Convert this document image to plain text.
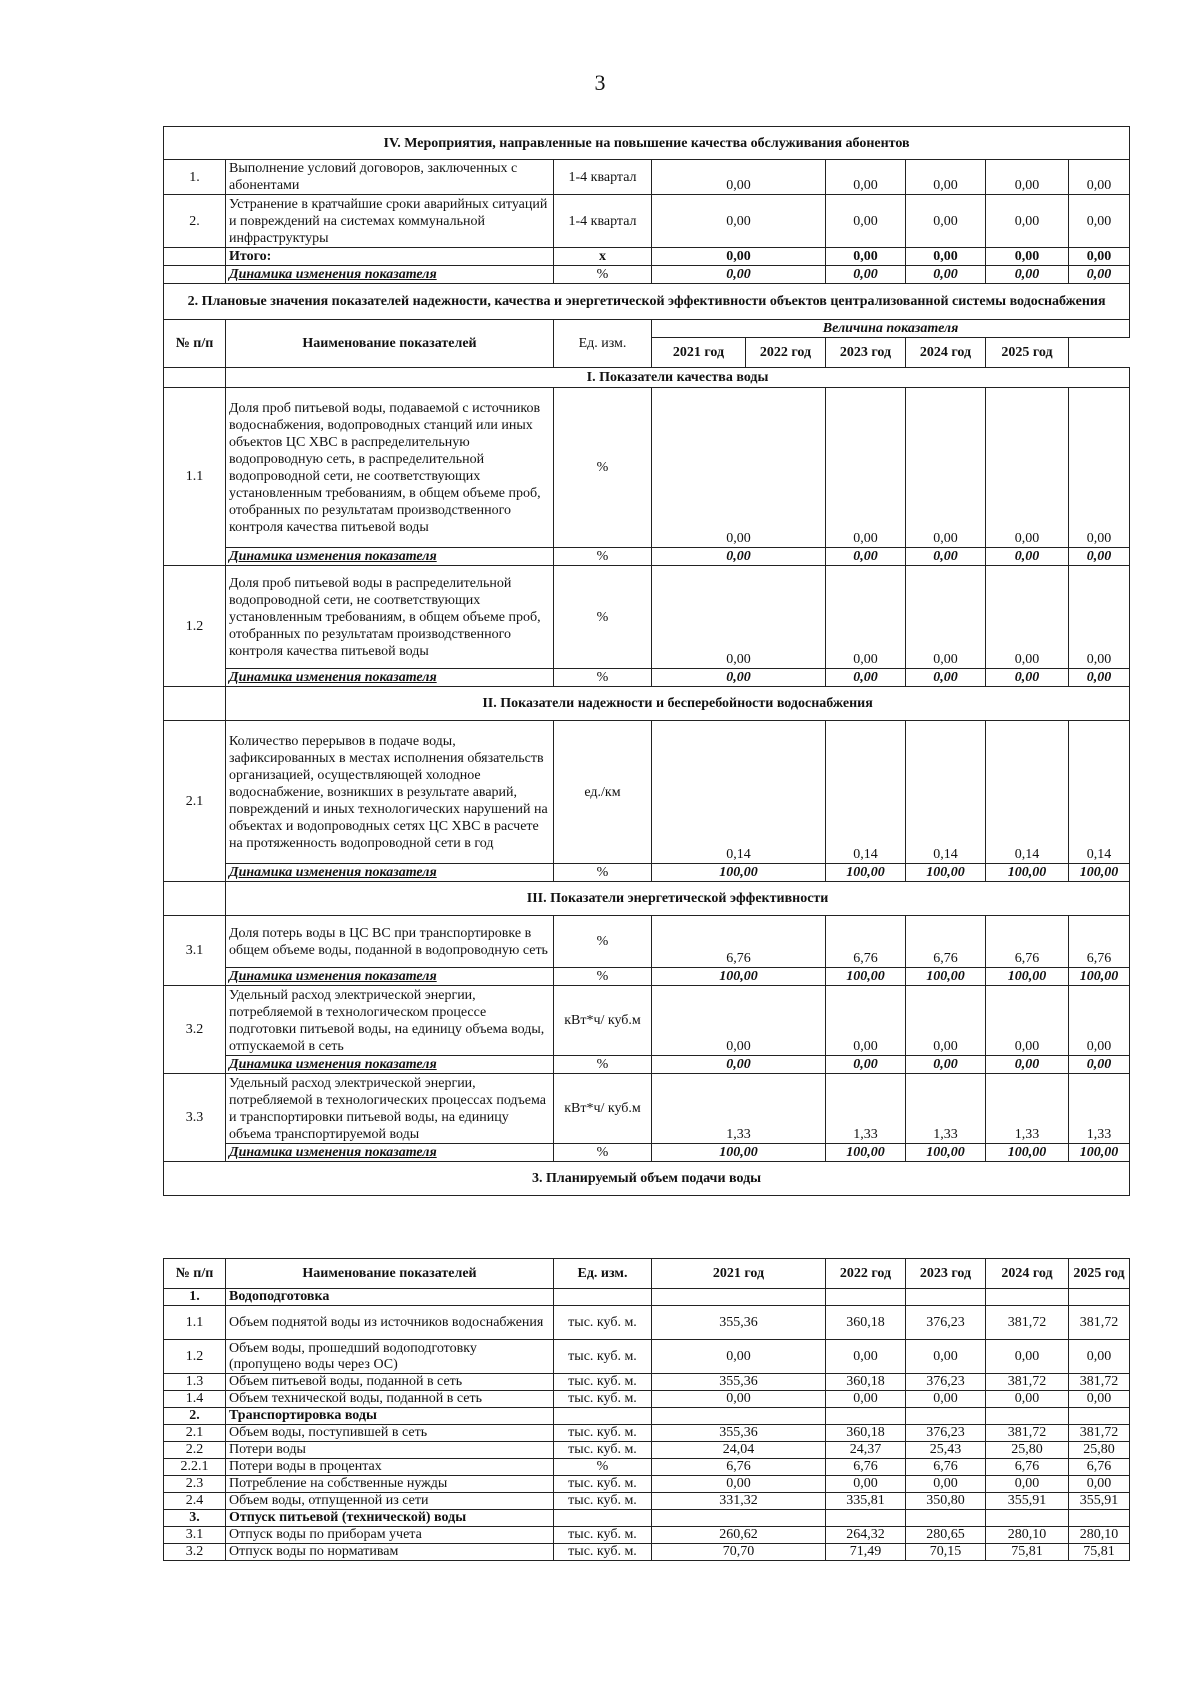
3
IV. Мероприятия, направленные на повышение качества обслуживания абонентов								
1.	Выполнение условий договоров, заключенных с абонентами	1-4 квартал	0,00		0,00	0,00	0,00	0,00
2.	Устранение в кратчайшие сроки аварийных ситуаций и повреждений на системах коммунальной инфраструктуры	1-4 квартал	0,00		0,00	0,00	0,00	0,00
	Итого:	х	0,00		0,00	0,00	0,00	0,00
	Динамика изменения показателя	%	0,00		0,00	0,00	0,00	0,00
2. Плановые значения показателей надежности, качества и энергетической эффективности объектов централизованной системы водоснабжения								
№ п/п	Наименование показателей	Ед. изм.	Величина показателя					
			2021 год	2022 год	2023 год	2024 год	2025 год	
	I. Показатели качества воды							
1.1	Доля проб питьевой воды, подаваемой с источников водоснабжения, водопроводных станций или иных объектов ЦС ХВС в распределительную водопроводную сеть, в распределительной водопроводной сети, не соответствующих установленным требованиям, в общем объеме проб, отобранных по результатам производственного контроля качества питьевой воды	%	0,00		0,00	0,00	0,00	0,00
	Динамика изменения показателя	%	0,00		0,00	0,00	0,00	0,00
1.2	Доля проб питьевой воды в распределительной водопроводной сети, не соответствующих установленным требованиям, в общем объеме проб, отобранных по результатам производственного контроля качества питьевой воды	%	0,00		0,00	0,00	0,00	0,00
	Динамика изменения показателя	%	0,00		0,00	0,00	0,00	0,00
	II. Показатели надежности и бесперебойности водоснабжения							
2.1	Количество перерывов в подаче воды, зафиксированных в местах исполнения обязательств организацией, осуществляющей холодное водоснабжение, возникших в результате аварий, повреждений и иных технологических нарушений на объектах и водопроводных сетях ЦС ХВС в расчете на протяженность водопроводной сети в год	ед./км	0,14		0,14	0,14	0,14	0,14
	Динамика изменения показателя	%	100,00		100,00	100,00	100,00	100,00
	III. Показатели энергетической эффективности							
3.1	Доля потерь воды в ЦС ВС при транспортировке в общем объеме воды, поданной в водопроводную сеть	%	6,76		6,76	6,76	6,76	6,76
	Динамика изменения показателя	%	100,00		100,00	100,00	100,00	100,00
3.2	Удельный расход электрической энергии, потребляемой в технологическом процессе подготовки питьевой воды, на единицу объема воды, отпускаемой в сеть	кВт*ч/ куб.м	0,00		0,00	0,00	0,00	0,00
	Динамика изменения показателя	%	0,00		0,00	0,00	0,00	0,00
3.3	Удельный расход электрической энергии, потребляемой в технологических процессах подъема и транспортировки питьевой воды, на единицу объема транспортируемой воды	кВт*ч/ куб.м	1,33		1,33	1,33	1,33	1,33
	Динамика изменения показателя	%	100,00		100,00	100,00	100,00	100,00
3. Планируемый объем подачи воды								
№ п/п	Наименование показателей	Ед. изм.	2021 год	2022 год	2023 год	2024 год	2025 год
1.	Водоподготовка						
1.1	Объем поднятой воды из источников водоснабжения	тыс. куб. м.	355,36	360,18	376,23	381,72	381,72
1.2	Объем воды, прошедший водоподготовку (пропущено воды через ОС)	тыс. куб. м.	0,00	0,00	0,00	0,00	0,00
1.3	Объем питьевой воды, поданной в сеть	тыс. куб. м.	355,36	360,18	376,23	381,72	381,72
1.4	Объем технической воды, поданной в сеть	тыс. куб. м.	0,00	0,00	0,00	0,00	0,00
2.	Транспортировка воды						
2.1	Объем воды, поступившей в сеть	тыс. куб. м.	355,36	360,18	376,23	381,72	381,72
2.2	Потери воды	тыс. куб. м.	24,04	24,37	25,43	25,80	25,80
2.2.1	Потери воды в процентах	%	6,76	6,76	6,76	6,76	6,76
2.3	Потребление на собственные нужды	тыс. куб. м.	0,00	0,00	0,00	0,00	0,00
2.4	Объем воды, отпущенной из сети	тыс. куб. м.	331,32	335,81	350,80	355,91	355,91
3.	Отпуск питьевой (технической) воды						
3.1	Отпуск воды по приборам учета	тыс. куб. м.	260,62	264,32	280,65	280,10	280,10
3.2	Отпуск воды по нормативам	тыс. куб. м.	70,70	71,49	70,15	75,81	75,81
